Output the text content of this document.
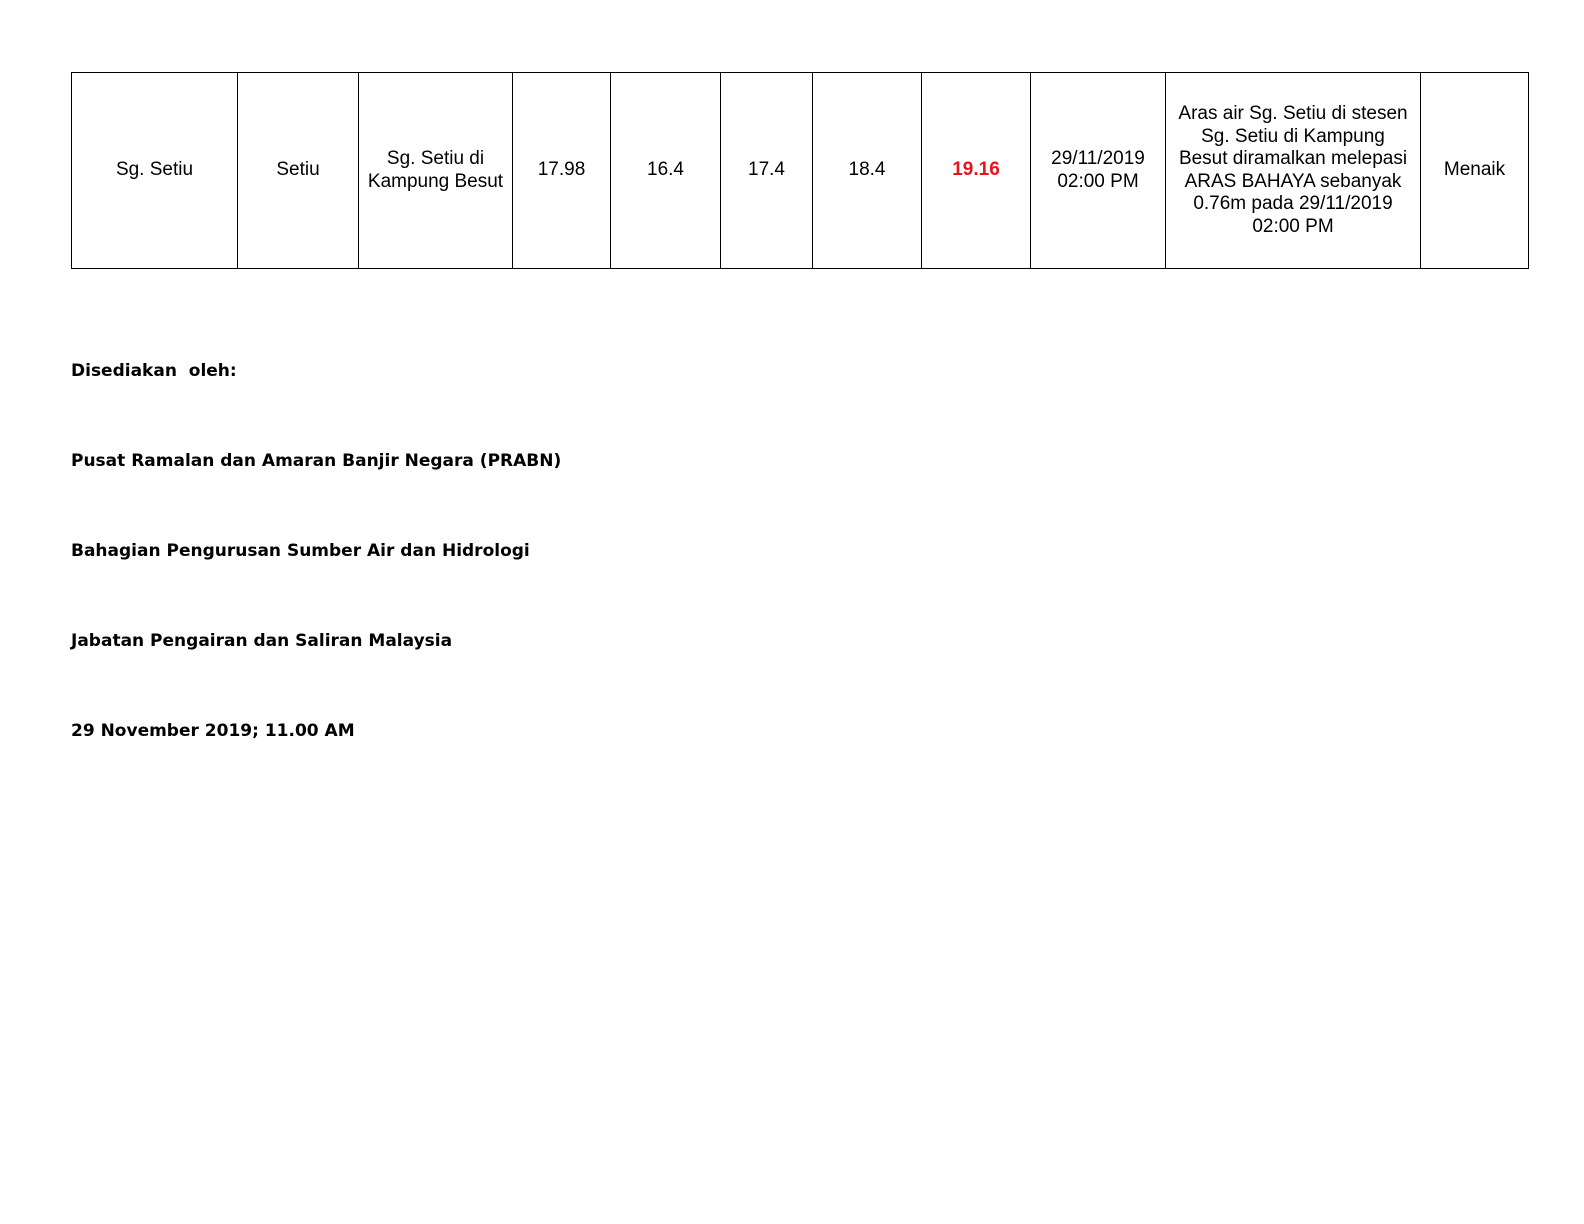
Sg. Setiu	Setiu	Sg. Setiu di Kampung Besut	17.98	16.4	17.4	18.4	19.16	29/11/2019 02:00 PM	Aras air Sg. Setiu di stesen Sg. Setiu di Kampung Besut diramalkan melepasi ARAS BAHAYA sebanyak 0.76m pada 29/11/2019 02:00 PM	Menaik

Disediakan  oleh:

Pusat Ramalan dan Amaran Banjir Negara (PRABN)

Bahagian Pengurusan Sumber Air dan Hidrologi

Jabatan Pengairan dan Saliran Malaysia

29 November 2019; 11.00 AM
